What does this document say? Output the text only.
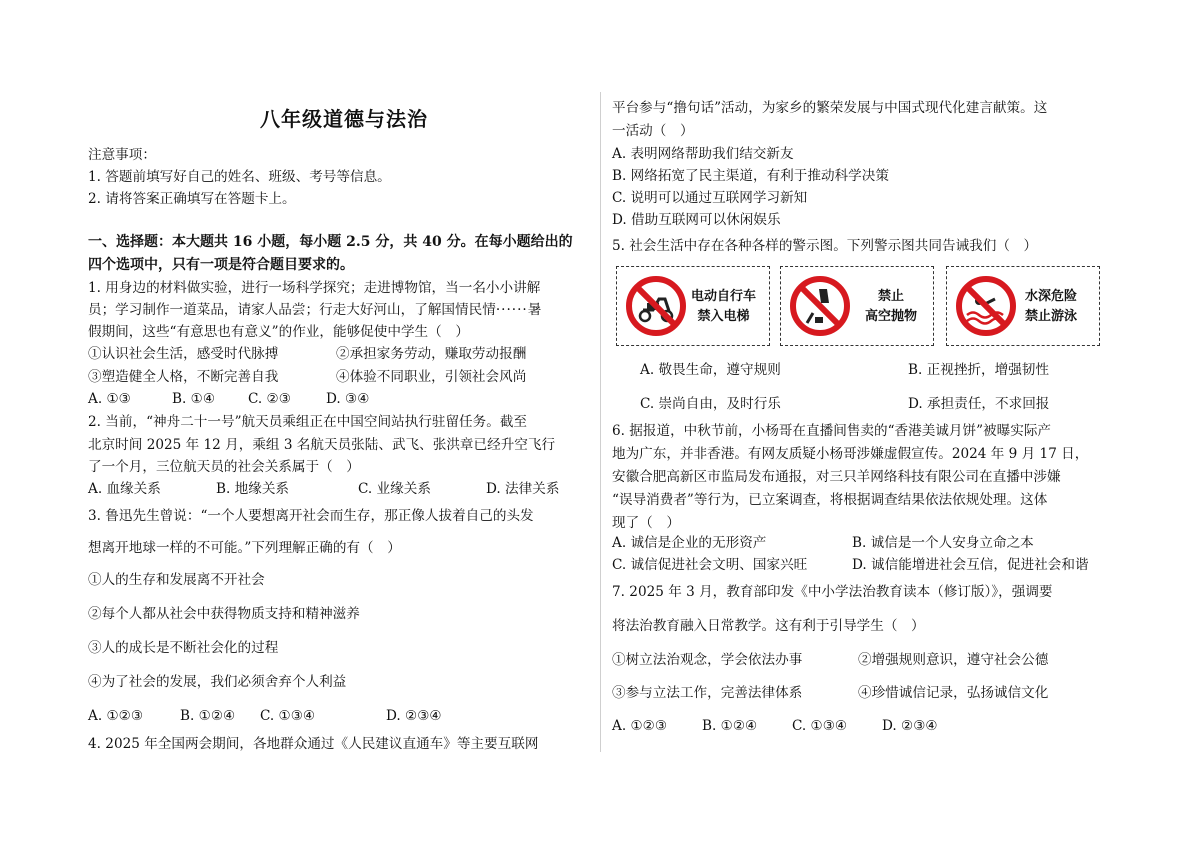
八年级道德与法治
注意事项：
1. 答题前填写好自己的姓名、班级、考号等信息。
2. 请将答案正确填写在答题卡上。
一、选择题：本大题共 16 小题，每小题 2.5 分，共 40 分。在每小题给出的
四个选项中，只有一项是符合题目要求的。
1. 用身边的材料做实验，进行一场科学探究；走进博物馆，当一名小小讲解
员；学习制作一道菜品，请家人品尝；行走大好河山，了解国情民情······暑
假期间，这些“有意思也有意义”的作业，能够促使中学生（　）
①认识社会生活，感受时代脉搏	②承担家务劳动，赚取劳动报酬
③塑造健全人格，不断完善自我	④体验不同职业，引领社会风尚
A. ①③	B. ①④ C. ②③	D. ③④
2. 当前，“神舟二十一号”航天员乘组正在中国空间站执行驻留任务。截至
北京时间 2025 年 12 月，乘组 3 名航天员张陆、武飞、张洪章已经升空飞行
了一个月，三位航天员的社会关系属于（　）
A. 血缘关系	B. 地缘关系	C. 业缘关系	D. 法律关系
3. 鲁迅先生曾说：“一个人要想离开社会而生存，那正像人拔着自己的头发
想离开地球一样的不可能。”下列理解正确的有（　）
①人的生存和发展离不开社会
②每个人都从社会中获得物质支持和精神滋养
③人的成长是不断社会化的过程
④为了社会的发展，我们必须舍弃个人利益
A. ①②③	B. ①②④ C. ①③④	D. ②③④
4. 2025 年全国两会期间，各地群众通过《人民建议直通车》等主要互联网
平台参与“撸句话”活动，为家乡的繁荣发展与中国式现代化建言献策。这
一活动（　）
A. 表明网络帮助我们结交新友
B. 网络拓宽了民主渠道，有利于推动科学决策
C. 说明可以通过互联网学习新知
D. 借助互联网可以休闲娱乐
5. 社会生活中存在各种各样的警示图。下列警示图共同告诫我们（　）
电动自行车
禁入电梯
禁止
高空抛物
水深危险
禁止游泳
A. 敬畏生命，遵守规则	B. 正视挫折，增强韧性
C. 崇尚自由，及时行乐	D. 承担责任，不求回报
6. 据报道，中秋节前，小杨哥在直播间售卖的“香港美诚月饼”被曝实际产
地为广东，并非香港。有网友质疑小杨哥涉嫌虚假宣传。2024 年 9 月 17 日，
安徽合肥高新区市监局发布通报，对三只羊网络科技有限公司在直播中涉嫌
“误导消费者”等行为，已立案调查，将根据调查结果依法依规处理。这体
现了（　）
A. 诚信是企业的无形资产	B. 诚信是一个人安身立命之本
C. 诚信促进社会文明、国家兴旺	D. 诚信能增进社会互信，促进社会和谐
7. 2025 年 3 月，教育部印发《中小学法治教育读本（修订版）》，强调要
将法治教育融入日常教学。这有利于引导学生（　）
①树立法治观念，学会依法办事	②增强规则意识，遵守社会公德
③参与立法工作，完善法律体系	④珍惜诚信记录，弘扬诚信文化
A. ①②③	B. ①②④	C. ①③④	D. ②③④
